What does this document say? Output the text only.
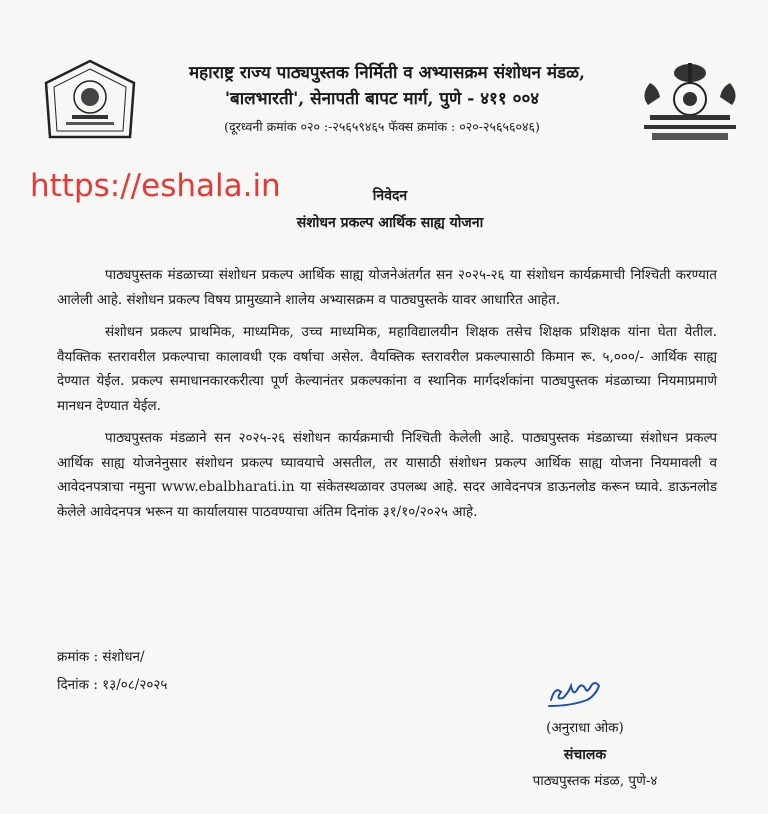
महाराष्ट्र राज्य पाठ्यपुस्तक निर्मिती व अभ्यासक्रम संशोधन मंडळ,
'बालभारती', सेनापती बापट मार्ग, पुणे - ४११ ००४
(दूरध्वनी क्रमांक ०२० :-२५६५९४६५ फॅक्स क्रमांक : ०२०-२५६५६०४६)
https://eshala.in	निवेदन
संशोधन प्रकल्प आर्थिक साह्य योजना

पाठ्यपुस्तक मंडळाच्या संशोधन प्रकल्प आर्थिक साह्य योजनेअंतर्गत सन २०२५-२६ या संशोधन कार्यक्रमाची निश्चिती करण्यात आलेली आहे. संशोधन प्रकल्प विषय प्रामुख्याने शालेय अभ्यासक्रम व पाठ्यपुस्तके यावर आधारित आहेत.

संशोधन प्रकल्प प्राथमिक, माध्यमिक, उच्च माध्यमिक, महाविद्यालयीन शिक्षक तसेच शिक्षक प्रशिक्षक यांना घेता येतील. वैयक्तिक स्तरावरील प्रकल्पाचा कालावधी एक वर्षाचा असेल. वैयक्तिक स्तरावरील प्रकल्पासाठी किमान रू. ५,०००/- आर्थिक साह्य देण्यात येईल. प्रकल्प समाधानकारकरीत्या पूर्ण केल्यानंतर प्रकल्पकांना व स्थानिक मार्गदर्शकांना पाठ्यपुस्तक मंडळाच्या नियमाप्रमाणे मानधन देण्यात येईल.

पाठ्यपुस्तक मंडळाने सन २०२५-२६ संशोधन कार्यक्रमाची निश्चिती केलेली आहे. पाठ्यपुस्तक मंडळाच्या संशोधन प्रकल्प आर्थिक साह्य योजनेनुसार संशोधन प्रकल्प घ्यावयाचे असतील, तर यासाठी संशोधन प्रकल्प आर्थिक साह्य योजना नियमावली व आवेदनपत्राचा नमुना www.ebalbharati.in या संकेतस्थळावर उपलब्ध आहे. सदर आवेदनपत्र डाऊनलोड करून घ्यावे. डाऊनलोड केलेले आवेदनपत्र भरून या कार्यालयास पाठवण्याचा अंतिम दिनांक ३१/१०/२०२५ आहे.

क्रमांक : संशोधन/
दिनांक : १३/०८/२०२५
(अनुराधा ओक)
संचालक
पाठ्यपुस्तक मंडळ, पुणे-४
